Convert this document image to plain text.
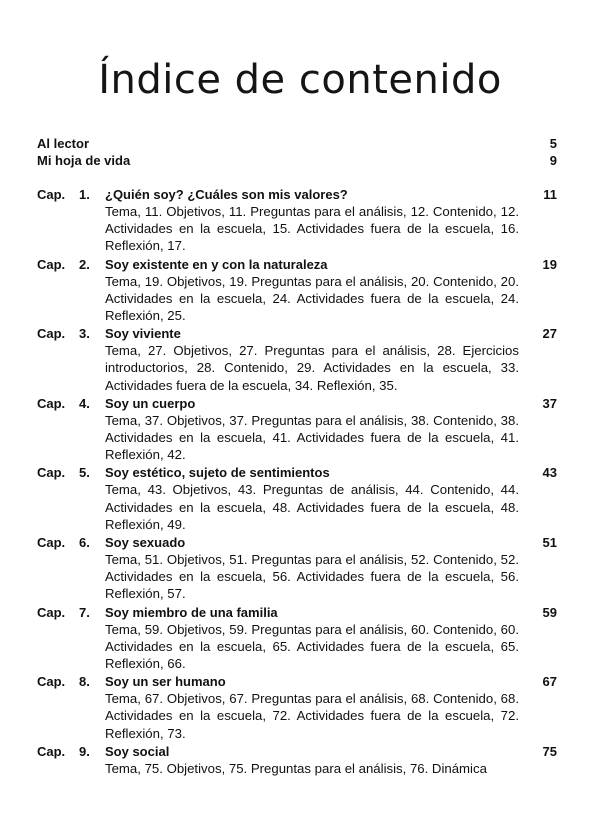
Índice de contenido
Al lector	5
Mi hoja de vida	9
Cap.	1.	¿Quién soy? ¿Cuáles son mis valores?	11
Tema, 11. Objetivos, 11. Preguntas para el análisis, 12. Contenido, 12. Actividades en la escuela, 15. Actividades fuera de la escuela, 16. Reflexión, 17.
Cap.	2.	Soy existente en y con la naturaleza	19
Tema, 19. Objetivos, 19. Preguntas para el análisis, 20. Contenido, 20. Actividades en la escuela, 24. Actividades fuera de la escuela, 24. Reflexión, 25.
Cap.	3.	Soy viviente	27
Tema, 27. Objetivos, 27. Preguntas para el análisis, 28. Ejercicios introductorios, 28. Contenido, 29. Actividades en la escuela, 33. Actividades fuera de la escuela, 34. Reflexión, 35.
Cap.	4.	Soy un cuerpo	37
Tema, 37. Objetivos, 37. Preguntas para el análisis, 38. Contenido, 38. Actividades en la escuela, 41. Actividades fuera de la escuela, 41. Reflexión, 42.
Cap.	5.	Soy estético, sujeto de sentimientos	43
Tema, 43. Objetivos, 43. Preguntas de análisis, 44. Contenido, 44. Actividades en la escuela, 48. Actividades fuera de la escuela, 48. Reflexión, 49.
Cap.	6.	Soy sexuado	51
Tema, 51. Objetivos, 51. Preguntas para el análisis, 52. Contenido, 52. Actividades en la escuela, 56. Actividades fuera de la escuela, 56. Reflexión, 57.
Cap.	7.	Soy miembro de una familia	59
Tema, 59. Objetivos, 59. Preguntas para el análisis, 60. Contenido, 60. Actividades en la escuela, 65. Actividades fuera de la escuela, 65. Reflexión, 66.
Cap.	8.	Soy un ser humano	67
Tema, 67. Objetivos, 67. Preguntas para el análisis, 68. Contenido, 68. Actividades en la escuela, 72. Actividades fuera de la escuela, 72. Reflexión, 73.
Cap.	9.	Soy social	75
Tema, 75. Objetivos, 75. Preguntas para el análisis, 76. Dinámica
